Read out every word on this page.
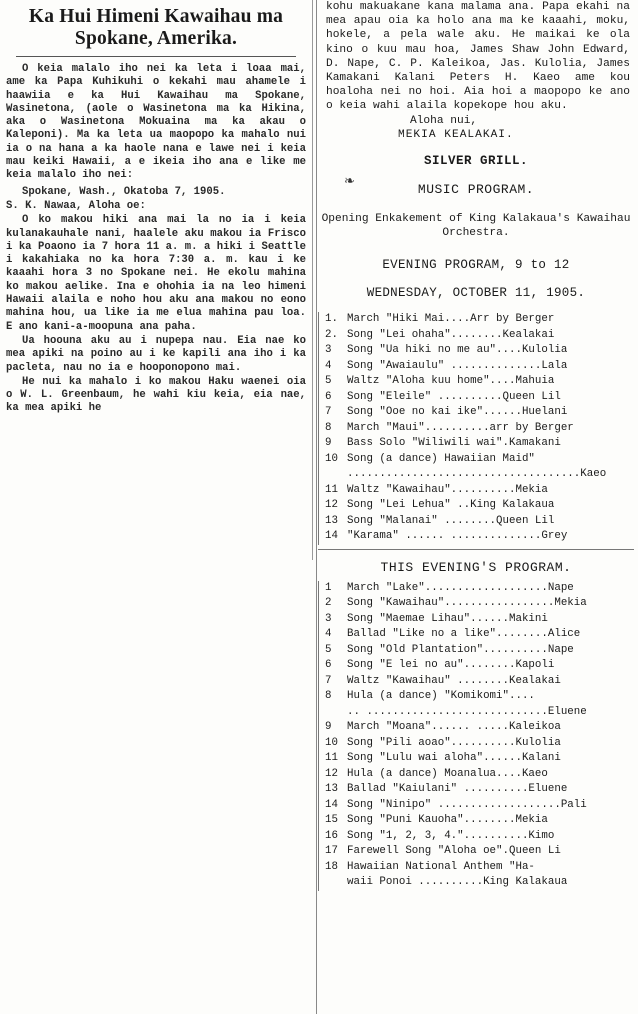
Ka Hui Himeni Kawaihau ma Spokane, Amerika.

O keia malalo iho nei ka leta i loaa mai, ame ka Papa Kuhikuhi o kekahi mau ahamele i haawiia e ka Hui Kawaihau ma Spokane, Wasinetona, (aole o Wasinetona ma ka Hikina, aka o Wasinetona Mokuaina ma ka akau o Kaleponi). Ma ka leta ua maopopo ka mahalo nui ia o na hana a ka haole nana e lawe nei i keia mau keiki Hawaii, a e ikeia iho ana e like me keia malalo iho nei:

Spokane, Wash., Okatoba 7, 1905.

S. K. Nawaa, Aloha oe:

O ko makou hiki ana mai la no ia i keia kulanakauhale nani, haalele aku makou ia Frisco i ka Poaono ia 7 hora 11 a. m. a hiki i Seattle i kakahiaka no ka hora 7:30 a. m. kau i ke kaaahi hora 3 no Spokane nei. He ekolu mahina ko makou aelike. Ina e ohohia ia na leo himeni Hawaii alaila e noho hou aku ana makou no eono mahina hou, ua like ia me elua mahina pau loa. E ano kani-a-moopuna ana paha.

Ua hoouna aku au i nupepa nau. Eia nae ko mea apiki na poino au i ke kapili ana iho i ka pacleta, nau no ia e hooponopono mai.

He nui ka mahalo i ko makou Haku waenei oia o W. L. Greenbaum, he wahi kiu keia, eia nae, ka mea apiki he

kohu makuakane kana malama ana. Papa ekahi na mea apau oia ka holo ana ma ke kaaahi, moku, hokele, a pela wale aku. He maikai ke ola kino o kuu mau hoa, James Shaw John Edward, D. Nape, C. P. Kaleikoa, Jas. Kulolia, James Kamakani Kalani Peters H. Kaeo ame kou hoaloha nei no hoi. Aia hoi a maopopo ke ano o keia wahi alaila kopekope hou aku.

Aloha nui,
MEKIA KEALAKAI.
SILVER GRILL.
❧
MUSIC PROGRAM.
Opening Enkakement of King Kalakaua's Kawaihau Orchestra.
EVENING PROGRAM, 9 to 12
WEDNESDAY, OCTOBER 11, 1905.
1. March "Hiki Mai....Arr by Berger
2. Song "Lei ohaha"........Kealakai
3	Song "Ua hiki no me au"....Kulolia
4	Song "Awaiaulu" ..............Lala
5	Waltz "Aloha kuu home"....Mahuia
6	Song "Eleile" ..........Queen Lil
7	Song "Ooe no kai ike"......Huelani
8	March "Maui"..........arr by Berger
9	Bass Solo "Wiliwili wai".Kamakani
10 Song (a dance) Hawaiian Maid"
....................................Kaeo
11 Waltz "Kawaihau"..........Mekia
12 Song "Lei Lehua" ..King Kalakaua
13 Song "Malanai" ........Queen Lil
14 "Karama" ...... ..............Grey
THIS EVENING'S PROGRAM.
1	March "Lake"...................Nape
2	Song "Kawaihau".................Mekia
3	Song "Maemae Lihau"......Makini
4	Ballad "Like no a like"........Alice
5	Song "Old Plantation"..........Nape
6	Song "E lei no au"........Kapoli
7	Waltz "Kawaihau" ........Kealakai
8	Hula (a dance) "Komikomi"....
.. ............................Eluene
9	March "Moana"...... .....Kaleikoa
10 Song "Pili aoao"..........Kulolia
11 Song "Lulu wai aloha"......Kalani
12 Hula (a dance) Moanalua....Kaeo
13 Ballad "Kaiulani" ..........Eluene
14 Song "Ninipo" ...................Pali
15 Song "Puni Kauoha"........Mekia
16 Song "1, 2, 3, 4."..........Kimo
17 Farewell Song "Aloha oe".Queen Li
18 Hawaiian National Anthem "Ha-
waii Ponoi ..........King Kalakaua
